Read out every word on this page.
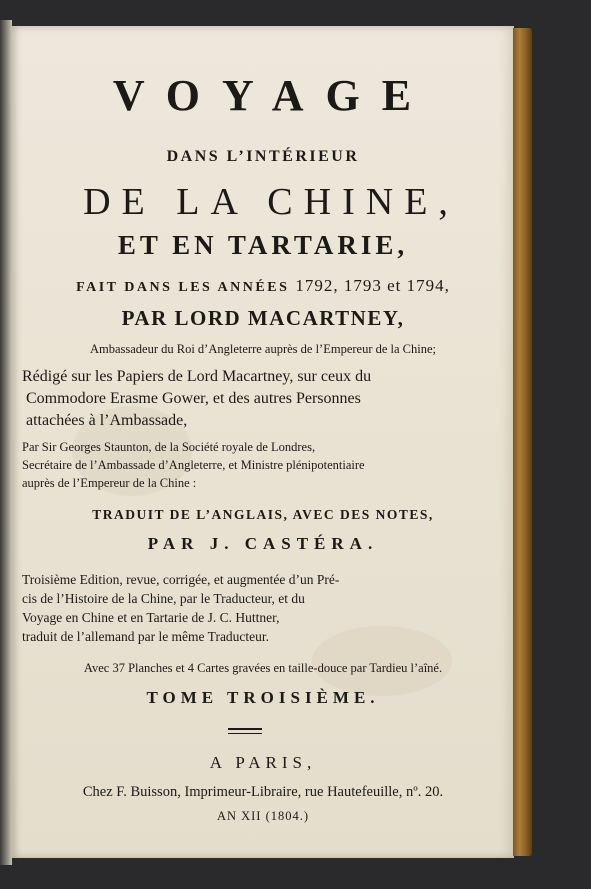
VOYAGE
DANS L’INTÉRIEUR
DE LA CHINE,
ET EN TARTARIE,
FAIT DANS LES ANNÉES 1792, 1793 et 1794,
PAR LORD MACARTNEY,
Ambassadeur du Roi d’Angleterre auprès de l’Empereur de la Chine;
Rédigé sur les Papiers de Lord Macartney, sur ceux du
Commodore Erasme Gower, et des autres Personnes
attachées à l’Ambassade,
Par Sir Georges Staunton, de la Société royale de Londres,
Secrétaire de l’Ambassade d’Angleterre, et Ministre plénipotentiaire
auprès de l’Empereur de la Chine :
TRADUIT DE L’ANGLAIS, AVEC DES NOTES,
PAR J. CASTÉRA.
Troisième Edition, revue, corrigée, et augmentée d’un Pré-
cis de l’Histoire de la Chine, par le Traducteur, et du
Voyage en Chine et en Tartarie de J. C. Huttner,
traduit de l’allemand par le même Traducteur.
Avec 37 Planches et 4 Cartes gravées en taille-douce par Tardieu l’aîné.
TOME TROISIÈME.
A PARIS,
Chez F. Buisson, Imprimeur-Libraire, rue Hautefeuille, nº. 20.
AN XII (1804.)
